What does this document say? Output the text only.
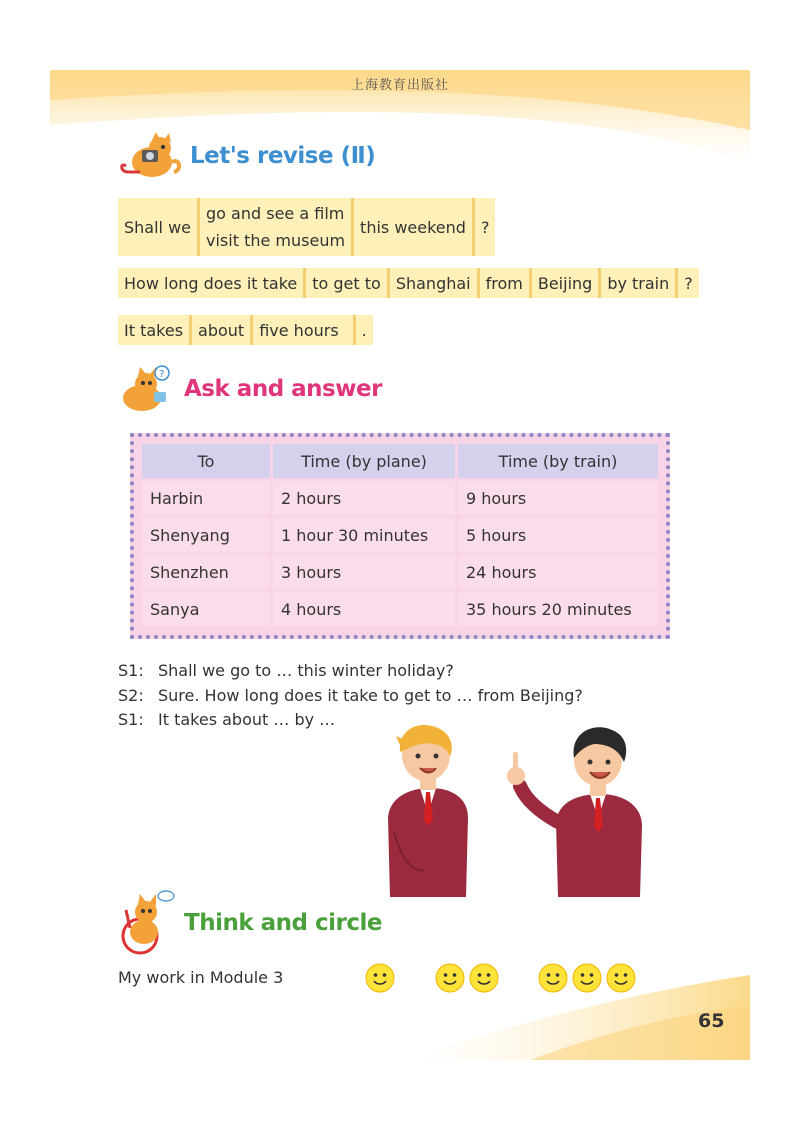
上海教育出版社
Let's revise (Ⅱ)
Shall we
go and see a film
visit the museum
this weekend ?
How long does it take to get to Shanghai from Beijing by train ?
It takes about five hours	.
?
Ask and answer
To	Time (by plane)	Time (by train)
Harbin	2 hours	9 hours
Shenyang	1 hour 30 minutes	5 hours
Shenzhen	3 hours	24 hours
Sanya	4 hours	35 hours 20 minutes
S1: Shall we go to … this winter holiday?
S2: Sure. How long does it take to get to … from Beijing?
S1: It takes about … by …
Think and circle
My work in Module 3
65
